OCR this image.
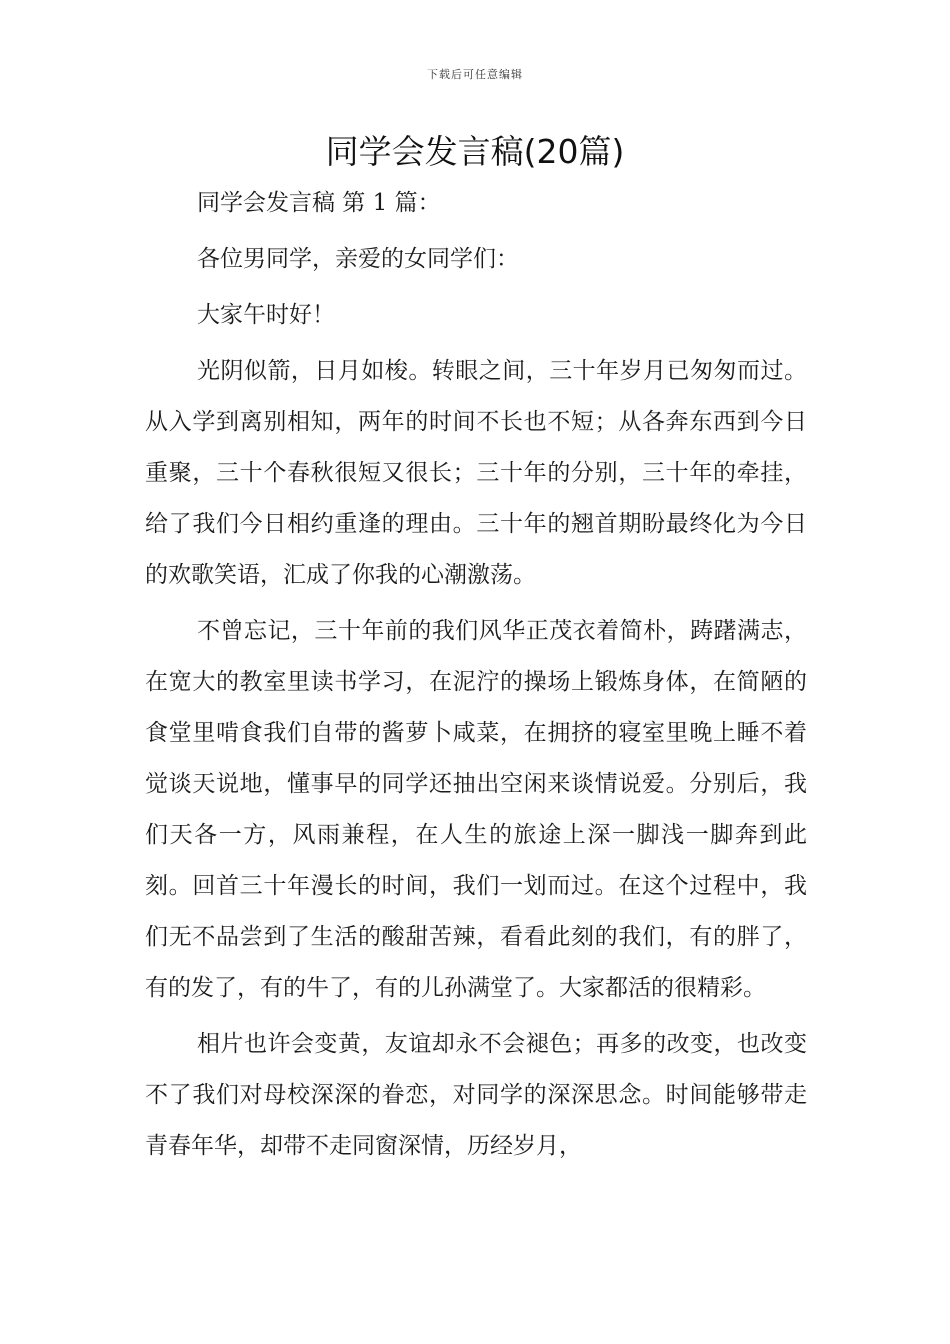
下载后可任意编辑
同学会发言稿(20篇)

同学会发言稿 第 1 篇：

各位男同学，亲爱的女同学们：

大家午时好！

光阴似箭，日月如梭。转眼之间，三十年岁月已匆匆而过。从入学到离别相知，两年的时间不长也不短；从各奔东西到今日重聚，三十个春秋很短又很长；三十年的分别，三十年的牵挂，给了我们今日相约重逢的理由。三十年的翘首期盼最终化为今日的欢歌笑语，汇成了你我的心潮激荡。

不曾忘记，三十年前的我们风华正茂衣着简朴，踌躇满志，在宽大的教室里读书学习，在泥泞的操场上锻炼身体，在简陋的食堂里啃食我们自带的酱萝卜咸菜，在拥挤的寝室里晚上睡不着觉谈天说地，懂事早的同学还抽出空闲来谈情说爱。分别后，我们天各一方，风雨兼程，在人生的旅途上深一脚浅一脚奔到此刻。回首三十年漫长的时间，我们一划而过。在这个过程中，我们无不品尝到了生活的酸甜苦辣，看看此刻的我们，有的胖了，有的发了，有的牛了，有的儿孙满堂了。大家都活的很精彩。

相片也许会变黄，友谊却永不会褪色；再多的改变，也改变不了我们对母校深深的眷恋，对同学的深深思念。时间能够带走青春年华，却带不走同窗深情，历经岁月，
